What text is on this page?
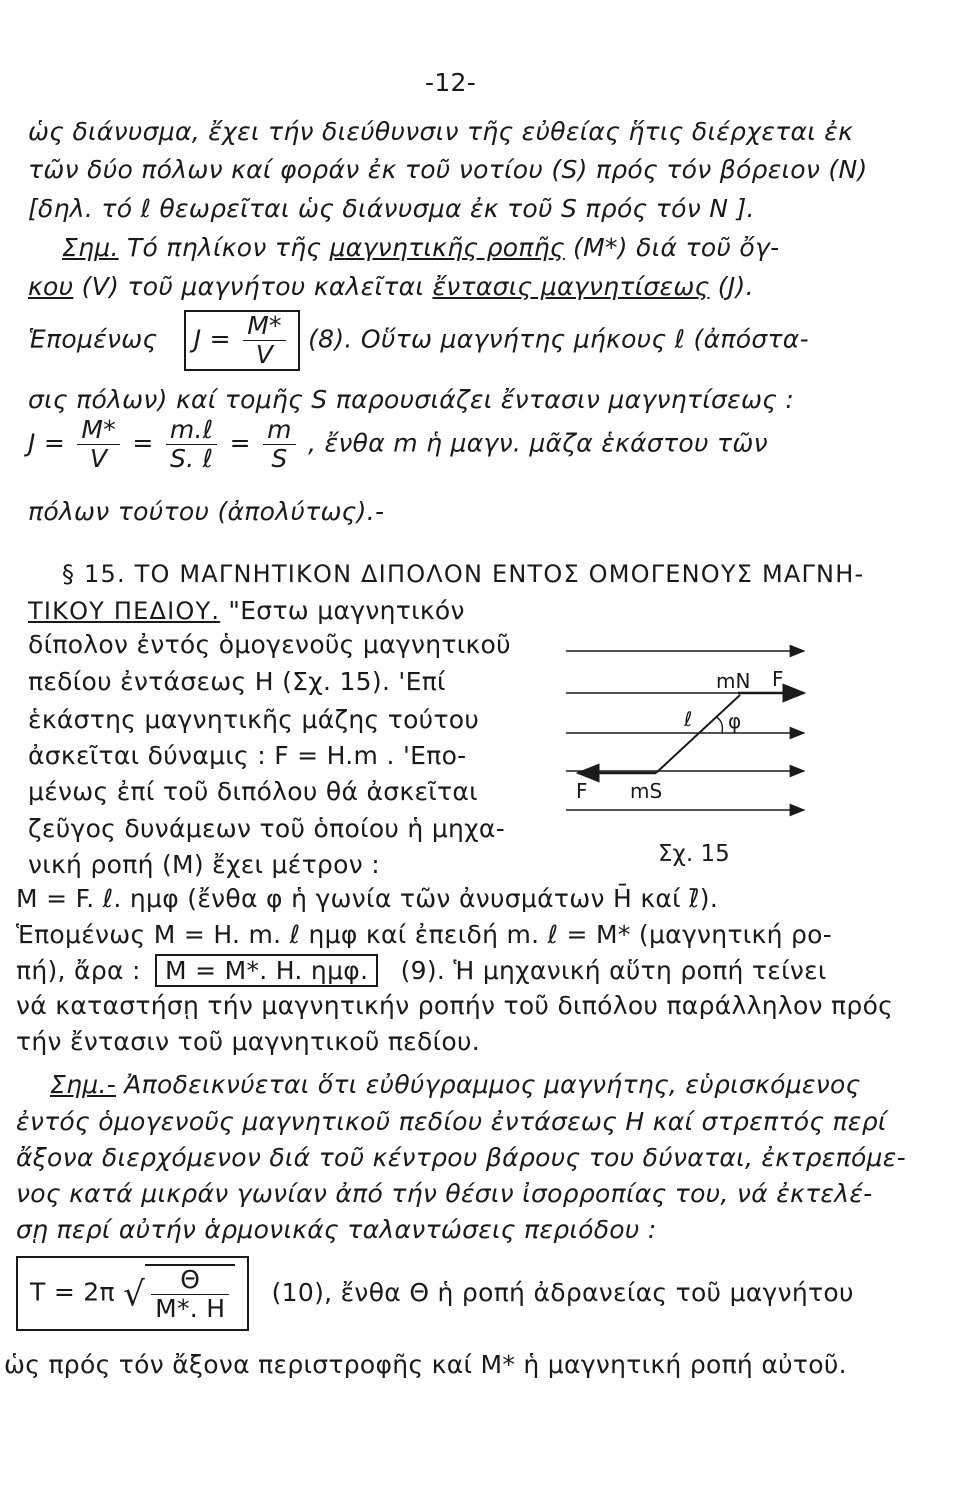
-12-
ὡς διάνυσμα, ἔχει τήν διεύθυνσιν τῆς εὐθείας ἥτις διέρχεται ἐκ
τῶν δύο πόλων καί φοράν ἐκ τοῦ νοτίου (S) πρός τόν βόρειον (N)
[δηλ. τό ℓ θεωρεῖται ὡς διάνυσμα ἐκ τοῦ S πρός τόν N ].
Σημ. Τό πηλίκον τῆς μαγνητικῆς ροπῆς (M*) διά τοῦ ὄγ-
κου (V) τοῦ μαγνήτου καλεῖται ἔντασις μαγνητίσεως (J).
Ἑπομένως $J = \frac{M*}{V} (8)$. Οὕτω μαγνήτης μήκους ℓ (ἀπόστα-
σις πόλων) καί τομῆς S παρουσιάζει ἔντασιν μαγνητίσεως :
$J = \frac{M*}{V} = \frac{\text{m.ℓ}}{\text{S. ℓ}} = \frac{m}{S}$ , ἔνθα m ἡ μαγν. μᾶζα ἑκάστου τῶν
πόλων τούτου (ἀπολύτως).-
§ 15. ΤΟ ΜΑΓΝΗΤΙΚΟΝ ΔΙΠΟΛΟΝ ΕΝΤΟΣ ΟΜΟΓΕΝΟΥΣ ΜΑΓΝΗ-
ΤΙΚΟΥ ΠΕΔΙΟΥ. "Εστω μαγνητικόν
δίπολον ἐντός ὁμογενοῦς μαγνητικοῦ
πεδίου ἐντάσεως H (Σχ. 15). 'Επί
ἑκάστης μαγνητικῆς μάζης τούτου
ἀσκεῖται δύναμις : F = H.m . 'Επο-
μένως ἐπί τοῦ διπόλου θά ἀσκεῖται
ζεῦγος δυνάμεων τοῦ ὁποίου ἡ μηχα-
νική ροπή (M) ἔχει μέτρον :
mN F
ℓ φ
F mS
Σχ. 15
M = F. ℓ. ημφ (ἔνθα φ ἡ γωνία τῶν ἀνυσμάτων H̄ καί ℓ̄).
Ἑπομένως M = H. m. ℓ ημφ καί ἐπειδή m. ℓ = M* (μαγνητική ρο-
πή), ἄρα : M = M*. H. ημφ. (9). Ἡ μηχανική αὕτη ροπή τείνει
νά καταστήσῃ τήν μαγνητικήν ροπήν τοῦ διπόλου παράλληλον πρός
τήν ἔντασιν τοῦ μαγνητικοῦ πεδίου.
Σημ.- Ἀποδεικνύεται ὅτι εὐθύγραμμος μαγνήτης, εὑρισκόμενος
ἐντός ὁμογενοῦς μαγνητικοῦ πεδίου ἐντάσεως H καί στρεπτός περί
ἄξονα διερχόμενον διά τοῦ κέντρου βάρους του δύναται, ἐκτρεπόμε-
νος κατά μικράν γωνίαν ἀπό τήν θέσιν ἰσορροπίας του, νά ἐκτελέ-
σῃ περί αὐτήν ἁρμονικάς ταλαντώσεις περιόδου :
T = 2π √ $\frac{\Theta}{M*. H} (10)$, ἔνθα Θ ἡ ροπή ἀδρανείας τοῦ μαγνήτου
ὡς πρός τόν ἄξονα περιστροφῆς καί M* ἡ μαγνητική ροπή αὐτοῦ.
